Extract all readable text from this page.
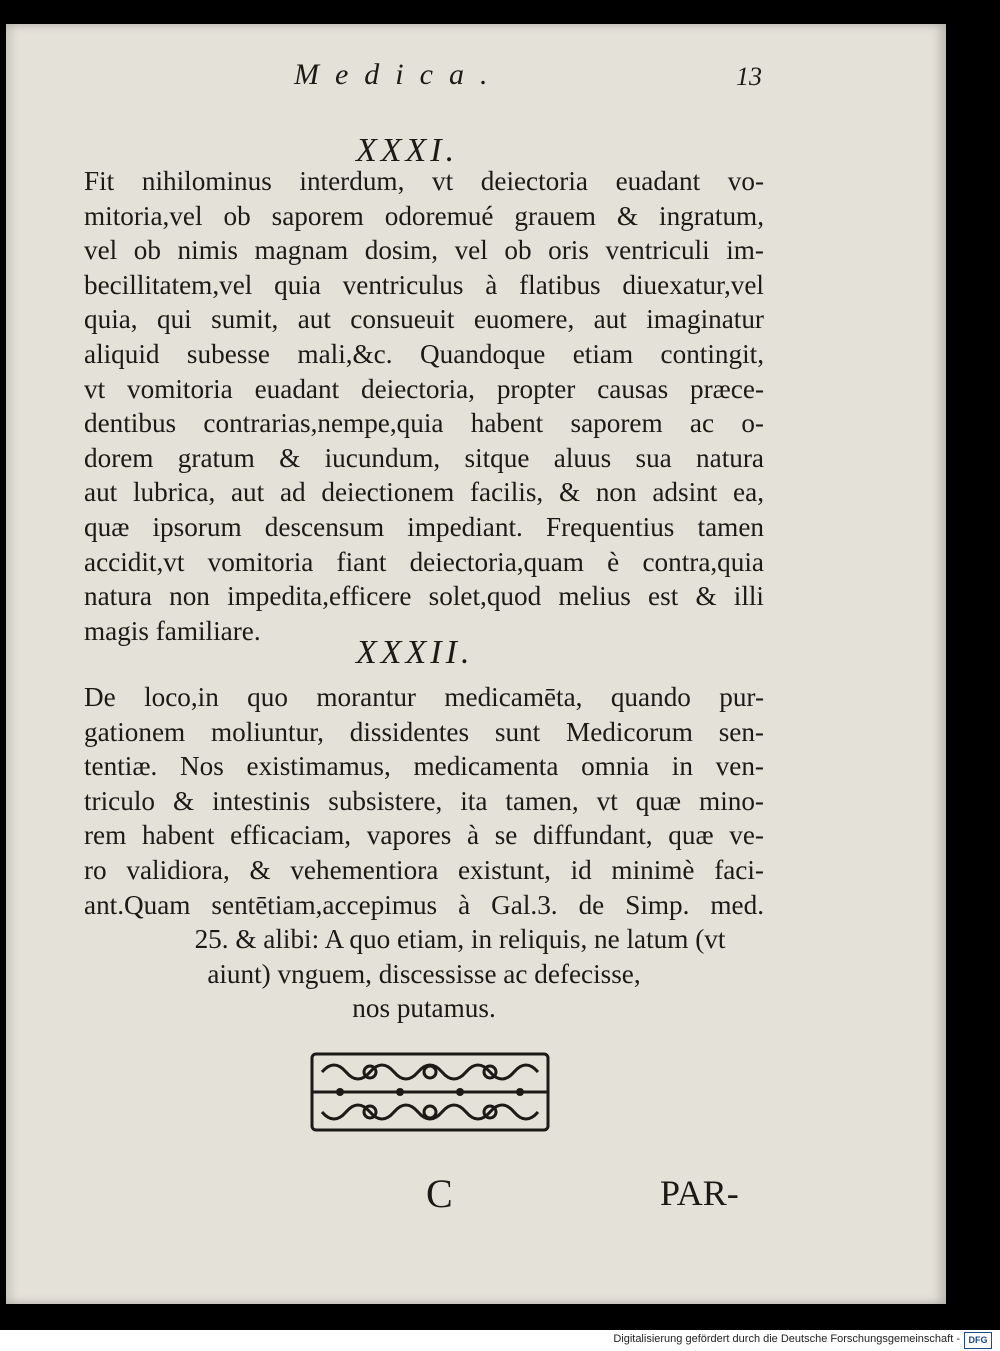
Medica.	13
XXXI.
Fit nihilominus interdum, vt deiectoria euadant vo-
mitoria,vel ob saporem odoremué grauem & ingratum,
vel ob nimis magnam dosim, vel ob oris ventriculi im-
becillitatem,vel quia ventriculus à flatibus diuexatur,vel
quia, qui sumit, aut consueuit euomere, aut imaginatur
aliquid subesse mali,&c. Quandoque etiam contingit,
vt vomitoria euadant deiectoria, propter causas præce-
dentibus contrarias,nempe,quia habent saporem ac o-
dorem gratum & iucundum, sitque aluus sua natura
aut lubrica, aut ad deiectionem facilis, & non adsint ea,
quæ ipsorum descensum impediant. Frequentius tamen
accidit,vt vomitoria fiant deiectoria,quam è contra,quia
natura non impedita,efficere solet,quod melius est & illi
magis familiare.
XXXII.
De loco,in quo morantur medicamēta, quando pur-
gationem moliuntur, dissidentes sunt Medicorum sen-
tentiæ. Nos existimamus, medicamenta omnia in ven-
triculo & intestinis subsistere, ita tamen, vt quæ mino-
rem habent efficaciam, vapores à se diffundant, quæ ve-
ro validiora, & vehementiora existunt, id minimè faci-
ant.Quam sentētiam,accepimus à Gal.3. de Simp. med.
25. & alibi: A quo etiam, in reliquis, ne latum (vt
aiunt) vnguem, discessisse ac defecisse,
nos putamus.
C	PAR-
Digitalisierung gefördert durch die Deutsche Forschungsgemeinschaft - DFG
